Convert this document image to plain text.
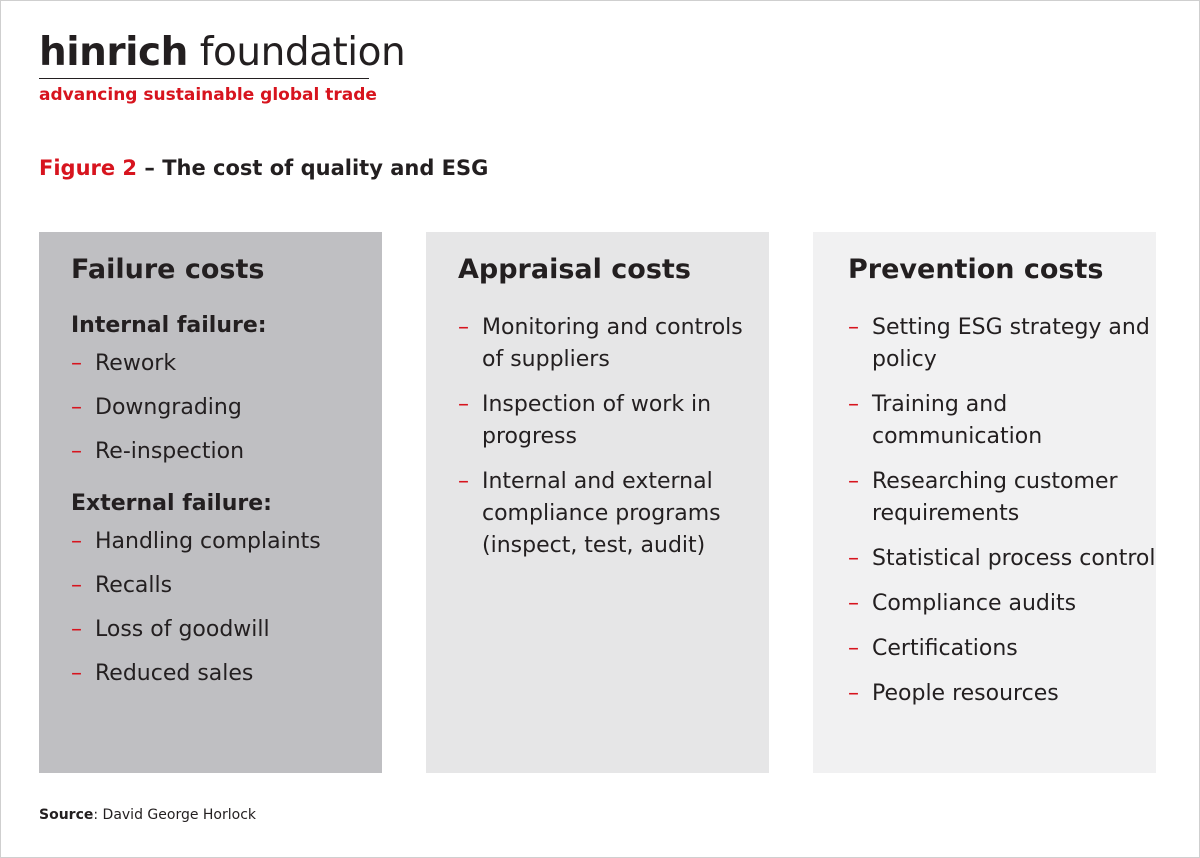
hinrich foundation
advancing sustainable global trade
Figure 2 – The cost of quality and ESG
Failure costs
Internal failure:
– Rework
– Downgrading
– Re-inspection
External failure:
– Handling complaints
– Recalls
– Loss of goodwill
– Reduced sales
Appraisal costs
– Monitoring and controls of suppliers
– Inspection of work in progress
– Internal and external compliance programs (inspect, test, audit)
Prevention costs
– Setting ESG strategy and policy
– Training and communication
– Researching customer requirements
– Statistical process control
– Compliance audits
– Certifications
– People resources
Source: David George Horlock
